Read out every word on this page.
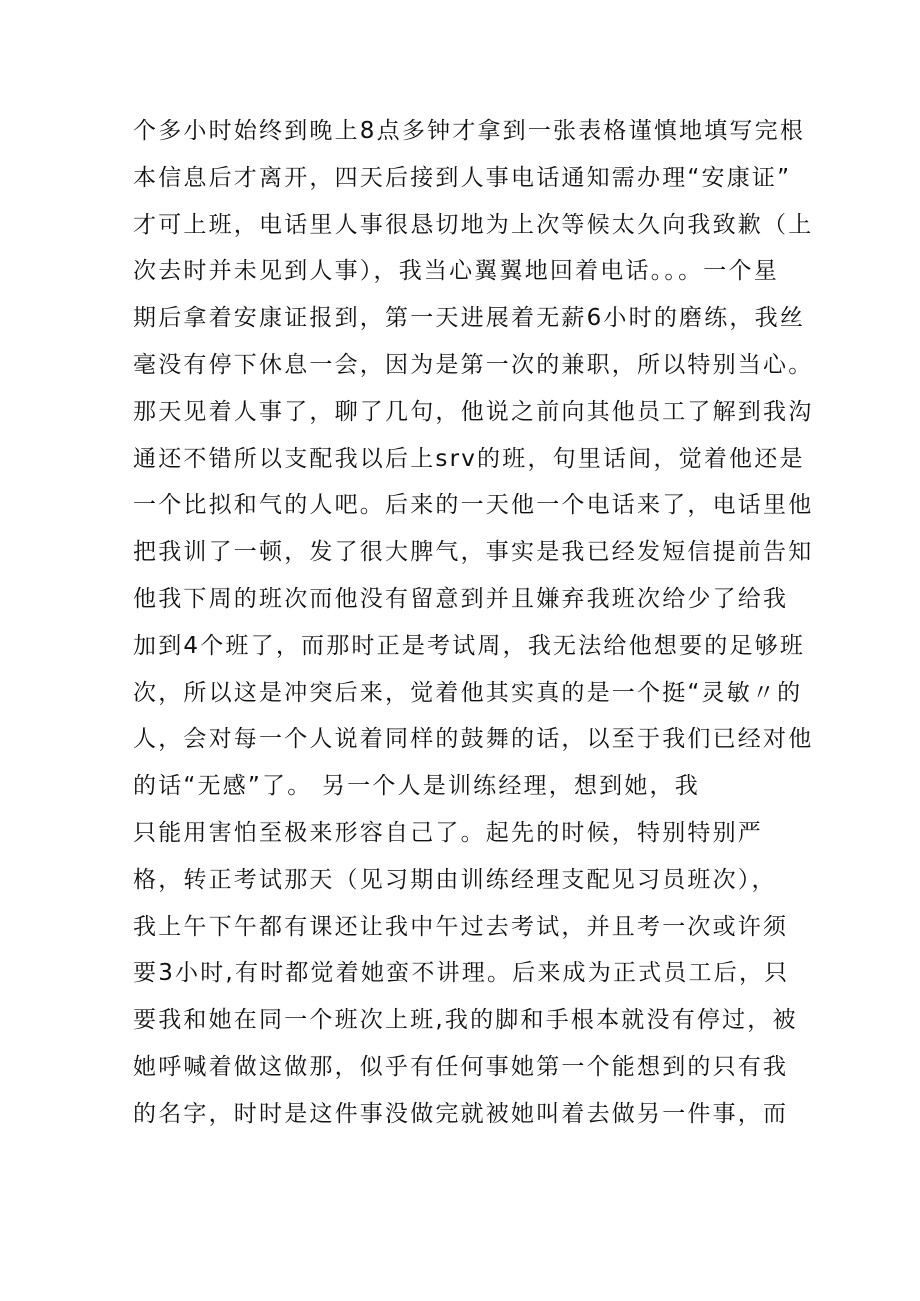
个多小时始终到晚上8点多钟才拿到一张表格谨慎地填写完根
本信息后才离开，四天后接到人事电话通知需办理“安康证”
才可上班，电话里人事很恳切地为上次等候太久向我致歉（上
次去时并未见到人事），我当心翼翼地回着电话。。。一个星
期后拿着安康证报到，第一天进展着无薪6小时的磨练，我丝
毫没有停下休息一会，因为是第一次的兼职，所以特别当心。
那天见着人事了，聊了几句，他说之前向其他员工了解到我沟
通还不错所以支配我以后上srv的班，句里话间，觉着他还是
一个比拟和气的人吧。后来的一天他一个电话来了，电话里他
把我训了一顿，发了很大脾气，事实是我已经发短信提前告知
他我下周的班次而他没有留意到并且嫌弃我班次给少了给我
加到4个班了，而那时正是考试周，我无法给他想要的足够班
次，所以这是冲突后来，觉着他其实真的是一个挺“灵敏〃的
人，会对每一个人说着同样的鼓舞的话，以至于我们已经对他
的话“无感”了。 另一个人是训练经理，想到她，我
只能用害怕至极来形容自己了。起先的时候，特别特别严
格，转正考试那天（见习期由训练经理支配见习员班次），
我上午下午都有课还让我中午过去考试，并且考一次或许须
要3小时,有时都觉着她蛮不讲理。后来成为正式员工后，只
要我和她在同一个班次上班,我的脚和手根本就没有停过，被
她呼喊着做这做那，似乎有任何事她第一个能想到的只有我
的名字，时时是这件事没做完就被她叫着去做另一件事，而
